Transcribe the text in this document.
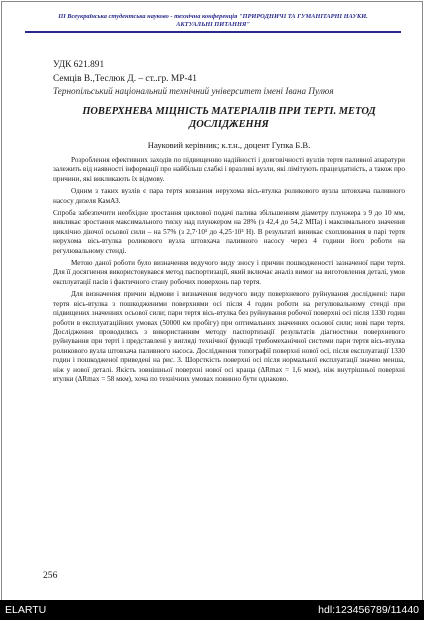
ІІІ Всеукраїнська студентська науково - технічна конференція "ПРИРОДНИЧІ ТА ГУМАНІТАРНІ НАУКИ.
АКТУАЛЬНІ ПИТАННЯ"
УДК 621.891
Семців В.,Теслюк Д. – ст..гр. МР-41
Тернопільський національний технічний університет імені Івана Пулюя
ПОВЕРХНЕВА МІЦНІСТЬ МАТЕРІАЛІВ ПРИ ТЕРТІ. МЕТОД
ДОСЛІДЖЕННЯ
Науковий керівник; к.т.н., доцент Гупка Б.В.

Розроблення ефективних заходів по підвищенню надійності і довговічності вузлів тертя паливної апаратури залежить від наявності інформації про найбільш слабкі і вразливі вузли, які лімітують працездатність, а також про причини, які викликають їх відмову.

Одним з таких вузлів є пара тертя ковзання нерухома вісь-втулка роликового вузла штовхача паливного насосу дизеля КамАЗ.

Спроба забезпечити необхідне зростання циклової подачі палива збільшенням діаметру плунжера з 9 до 10 мм, викликає зростання максимального тиску над плунжером на 28% (з 42,4 до 54,2 МПа) і максимального значення циклічно діючої осьової сили – на 57% (з 2,7·10³ до 4,25·10³ Н). В результаті виникає схоплювання в парі тертя нерухома вісь-втулка роликового вузла штовхача паливного насосу через 4 години його роботи на регулювальному стенді.

Метою даної роботи було визначення ведучого виду зносу і причин пошкодженості зазначеної пари тертя. Для її досягнення використовувався метод паспортизації, який включає аналіз вимог на виготовлення деталі, умов експлуатації пасів і фактичного стану робочих поверхонь пар тертя.

Для визначення причин відмови і визначення ведучого виду поверхневого руйнування досліджені: пари тертя вісь-втулка з пошкодженими поверхнями осі після 4 годин роботи на регулювальному стенді при підвищених значеннях осьової сили; пари тертя вісь-втулка без руйнування робочої поверхні осі після 1330 годин роботи в експлуатаційних умовах (50000 км пробігу) при оптимальних значеннях осьової сили; нові пари тертя. Дослідження проводились з використанням методу паспортизації результатів діагностики поверхневого руйнування при терті і представлені у вигляді технічної функції трибомеханічної системи пари тертя вісь-втулка роликового вузла штовхача паливного насоса. Дослідження топографії поверхні нової осі, після експлуатації 1330 годин і пошкодженої приведені на рис. 3. Шорсткість поверхні осі після нормальної експлуатації значно менша, ніж у нової деталі. Якість зовнішньої поверхні нової осі краща (ΔRmax = 1,6 мкм), ніж внутрішньої поверхні втулки (ΔRmax = 58 мкм), хоча по технічних умовах повинно бути однаково.

256
ELARTU	hdl:123456789/11440
